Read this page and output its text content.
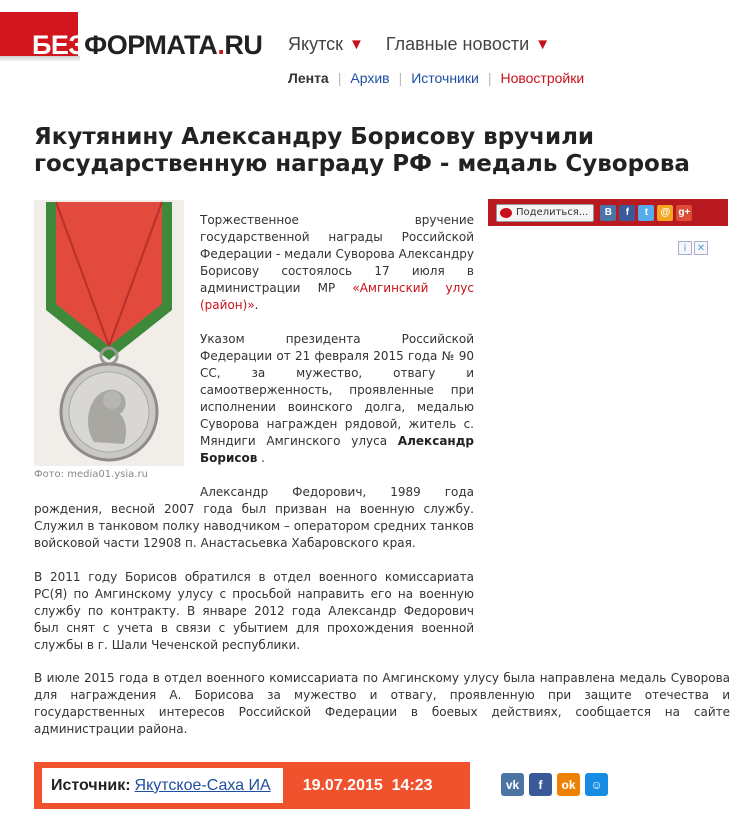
БЕЗФОРМАТА.RU Якутск ▼ Главные новости ▼
Лента | Архив | Источники | Новостройки
Якутянину Александру Борисову вручили государственную награду РФ - медаль Суворова
Фото: media01.ysia.ru

Торжественное вручение государственной награды Российской Федерации - медали Суворова Александру Борисову состоялось 17 июля в администрации МР «Амгинский улус (район)».

Указом президента Российской Федерации от 21 февраля 2015 года № 90 СС, за мужество, отвагу и самоотверженность, проявленные при исполнении воинского долга, медалью Суворова награжден рядовой, житель с. Мяндиги Амгинского улуса Александр Борисов .

Александр Федорович, 1989 года рождения, весной 2007 года был призван на военную службу. Служил в танковом полку наводчиком – оператором средних танков войсковой части 12908 п. Анастасьевка Хабаровского края.

В 2011 году Борисов обратился в отдел военного комиссариата РС(Я) по Амгинскому улусу с просьбой направить его на военную службу по контракту. В январе 2012 года Александр Федорович был снят с учета в связи с убытием для прохождения военной службы в г. Шали Чеченской республики.

В июле 2015 года в отдел военного комиссариата по Амгинскому улусу была направлена медаль Суворова для награждения А. Борисова за мужество и отвагу, проявленную при защите отечества и государственных интересов Российской Федерации в боевых действиях, сообщается на сайте администрации района.
Поделиться...	В	f	t	@ g+
i	✕
Источник: Якутское-Саха ИА 19.07.2015 14:23	vk	f	ok	☺
